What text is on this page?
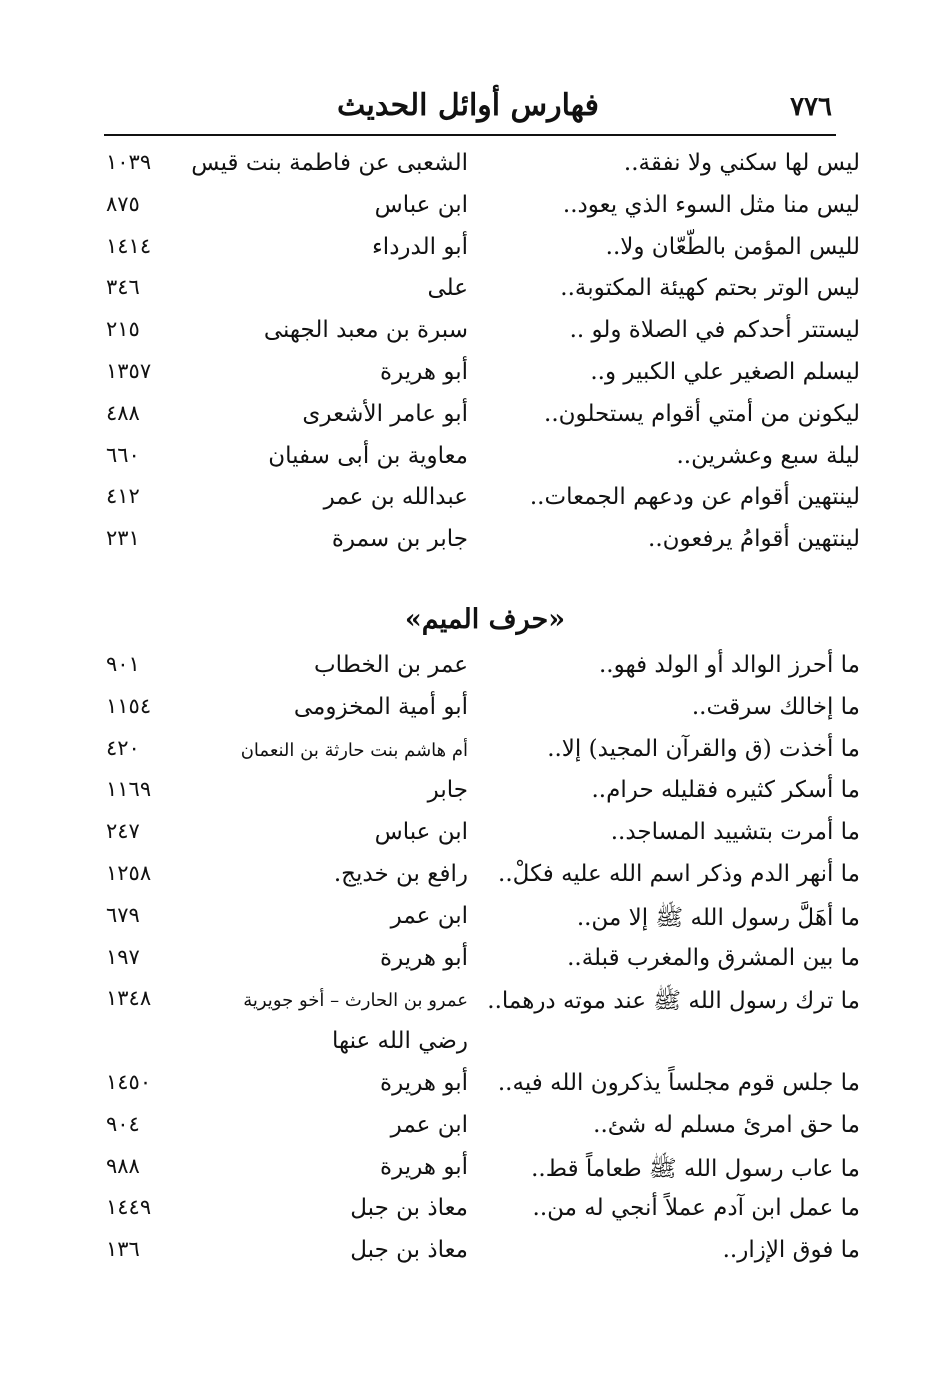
٧٧٦
فهارس أوائل الحديث
ليس لها سكني ولا نفقة..
الشعبى عن فاطمة بنت قيس
١٠٣٩
ليس منا مثل السوء الذي يعود..
ابن عباس
٨٧٥
لليس المؤمن بالطّعّان ولا..
أبو الدرداء
١٤١٤
ليس الوتر بحتم كهيئة المكتوبة..
على
٣٤٦
ليستتر أحدكم في الصلاة ولو ..
سبرة بن معبد الجهنى
٢١٥
ليسلم الصغير علي الكبير و..
أبو هريرة
١٣٥٧
ليكونن من أمتي أقوام يستحلون..
أبو عامر الأشعرى
٤٨٨
ليلة سبع وعشرين..
معاوية بن أبى سفيان
٦٦٠
لينتهين أقوام عن ودعهم الجمعات..
عبدالله بن عمر
٤١٢
لينتهين أقوامُ يرفعون..
جابر بن سمرة
٢٣١
«حرف الميم»
ما أحرز الوالد أو الولد فهو..
عمر بن الخطاب
٩٠١
ما إخالك سرقت..
أبو أمية المخزومى
١١٥٤
ما أخذت (ق والقرآن المجيد) إلا..
أم هاشم بنت حارثة بن النعمان
٤٢٠
ما أسكر كثيره فقليله حرام..
جابر
١١٦٩
ما أمرت بتشييد المساجد..
ابن عباس
٢٤٧
ما أنهر الدم وذكر اسم الله عليه فكلْ..
رافع بن خديج.
١٢٥٨
ما أهَلَّ رسول الله ﷺ إلا من..
ابن عمر
٦٧٩
ما بين المشرق والمغرب قبلة..
أبو هريرة
١٩٧
ما ترك رسول الله ﷺ عند موته درهما..
عمرو بن الحارث – أخو جويرية
١٣٤٨
رضي الله عنها
ما جلس قوم مجلساً يذكرون الله فيه..
أبو هريرة
١٤٥٠
ما حق امرئ مسلم له شئ..
ابن عمر
٩٠٤
ما عاب رسول الله ﷺ طعاماً قط..
أبو هريرة
٩٨٨
ما عمل ابن آدم عملاً أنجي له من..
معاذ بن جبل
١٤٤٩
ما فوق الإزار..
معاذ بن جبل
١٣٦
